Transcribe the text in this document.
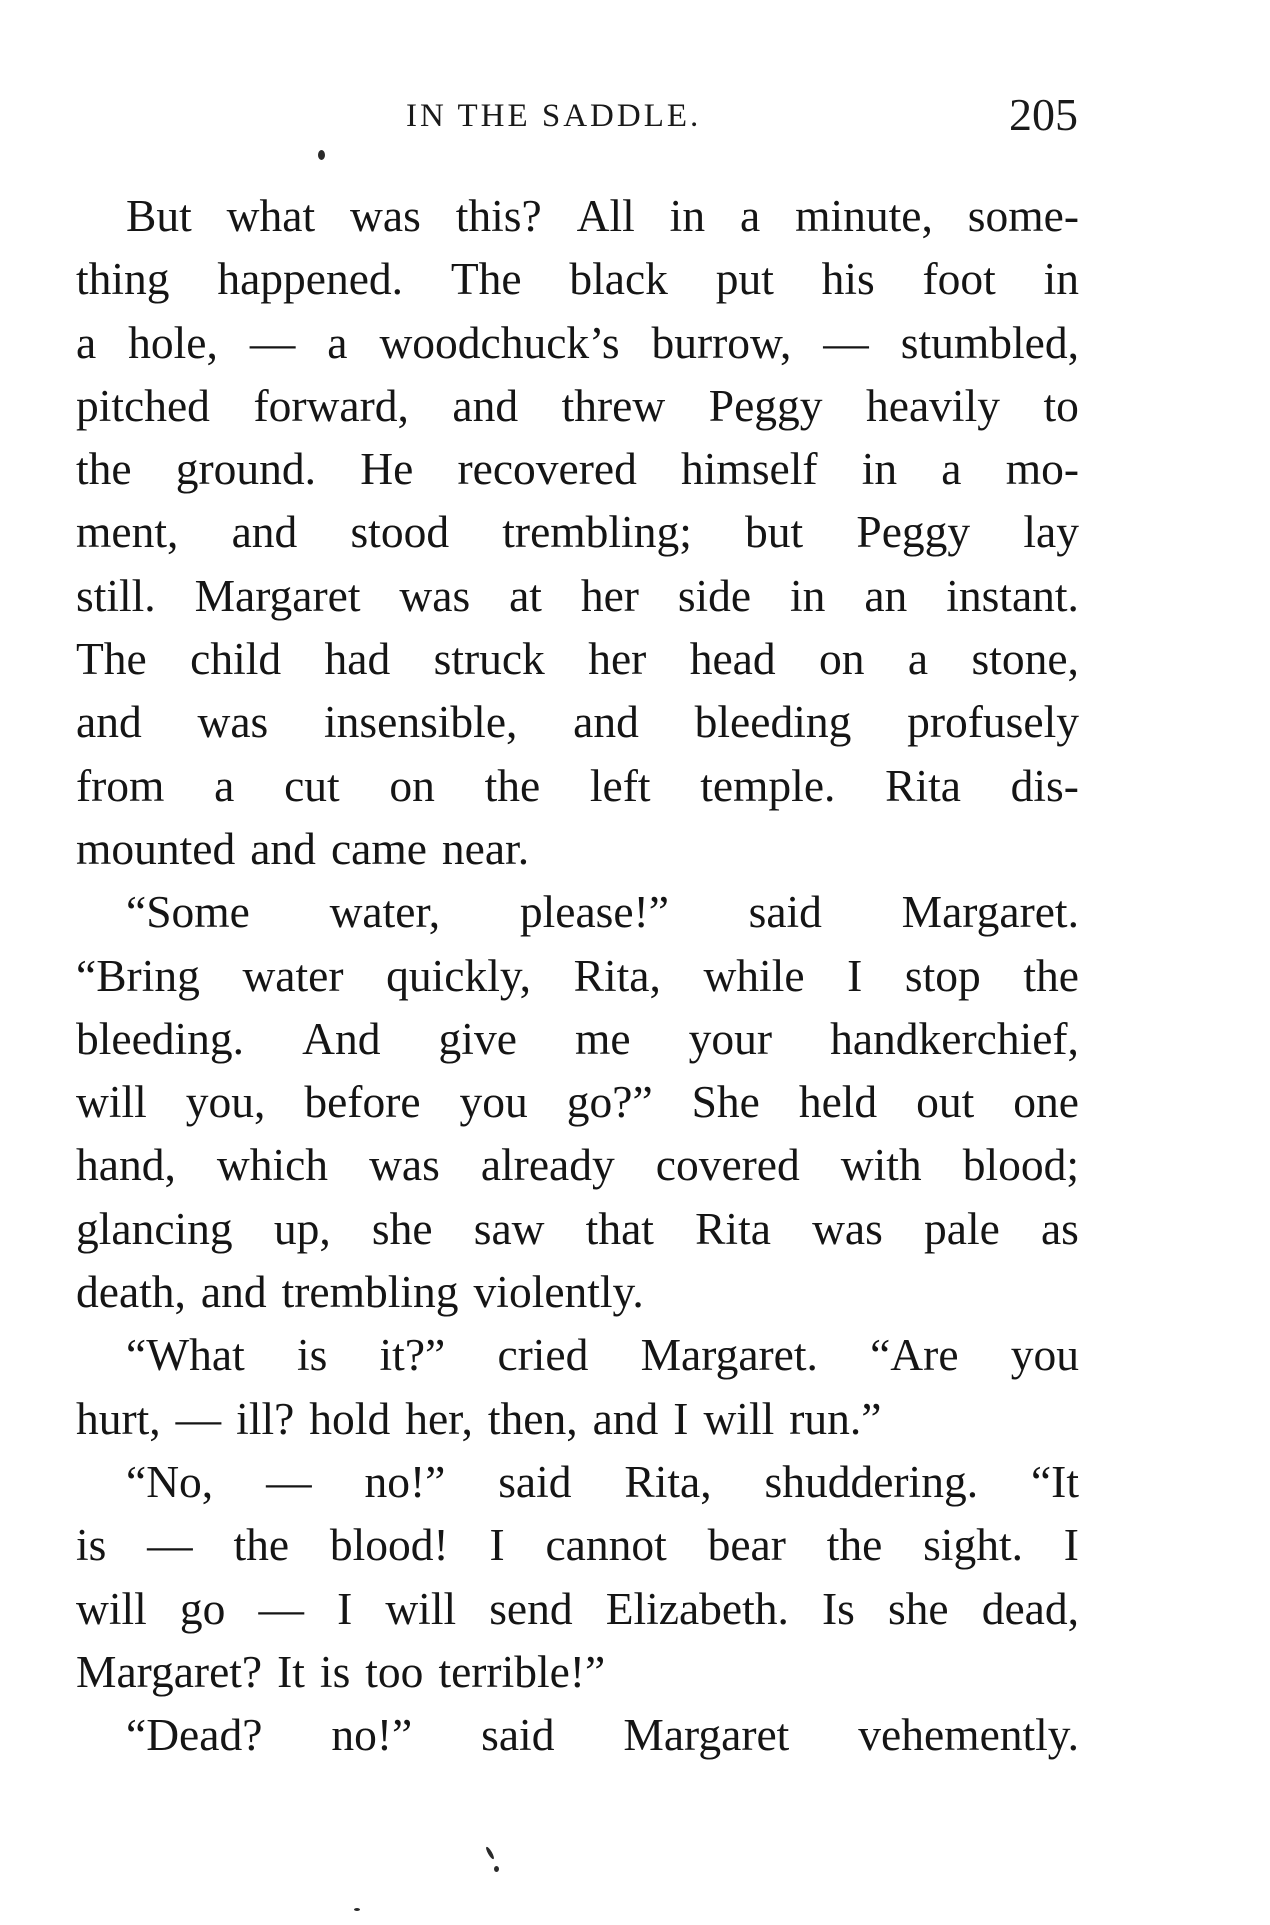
IN THE SADDLE.	205
But what was this? All in a minute, some-
thing happened. The black put his foot in
a hole, — a woodchuck’s burrow, — stumbled,
pitched forward, and threw Peggy heavily to
the ground. He recovered himself in a mo-
ment, and stood trembling; but Peggy lay
still. Margaret was at her side in an instant.
The child had struck her head on a stone,
and was insensible, and bleeding profusely
from a cut on the left temple. Rita dis-
mounted and came near.
“Some water, please!” said Margaret.
“Bring water quickly, Rita, while I stop the
bleeding. And give me your handkerchief,
will you, before you go?” She held out one
hand, which was already covered with blood;
glancing up, she saw that Rita was pale as
death, and trembling violently.
“What is it?” cried Margaret. “Are you
hurt, — ill? hold her, then, and I will run.”
“No, — no!” said Rita, shuddering. “It
is — the blood! I cannot bear the sight. I
will go — I will send Elizabeth. Is she dead,
Margaret? It is too terrible!”
“Dead? no!” said Margaret vehemently.
